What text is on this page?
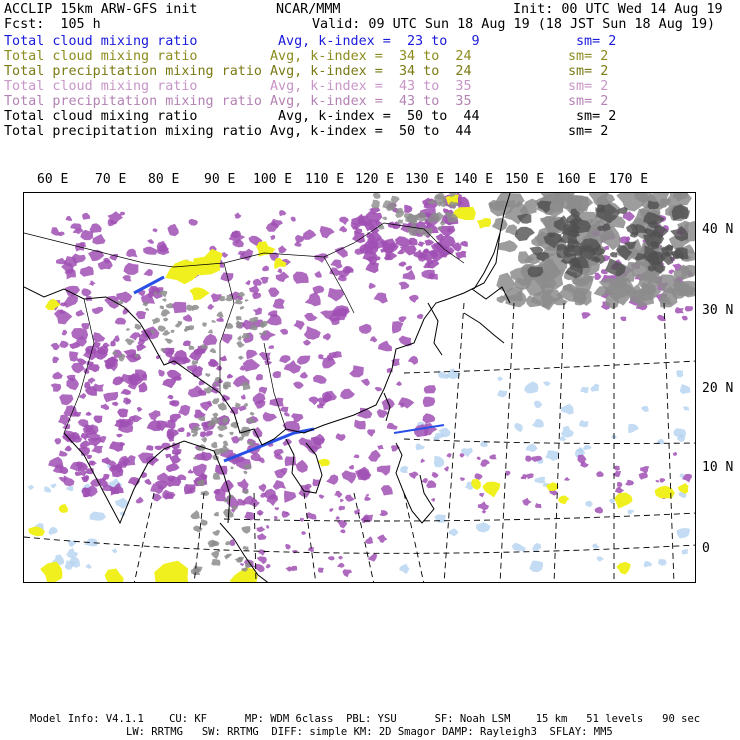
ACCLIP 15km ARW-GFS init	NCAR/MMM	Init: 00 UTC Wed 14 Aug 19
Fcst:  105 h	Valid: 09 UTC Sun 18 Aug 19 (18 JST Sun 18 Aug 19)
Total cloud mixing ratio	Avg, k-index =  23 to   9	sm= 2
Total cloud mixing ratio	Avg, k-index =  34 to  24	sm= 2
Total precipitation mixing ratio Avg, k-index =  34 to  24	sm= 2
Total cloud mixing ratio	Avg, k-index =  43 to  35	sm= 2
Total precipitation mixing ratio Avg, k-index =  43 to  35	sm= 2
Total cloud mixing ratio	Avg, k-index =  50 to  44	sm= 2
Total precipitation mixing ratio Avg, k-index =  50 to  44	sm= 2
60 E 70 E 80 E 90 E 100 E 110 E 120 E 130 E 140 E 150 E 160 E 170 E
40 N
30 N
20 N
10 N
0
Model Info: V4.1.1    CU: KF      MP: WDM 6class  PBL: YSU      SF: Noah LSM    15 km   51 levels   90 sec
LW: RRTMG   SW: RRTMG  DIFF: simple KM: 2D Smagor DAMP: Rayleigh3  SFLAY: MM5
